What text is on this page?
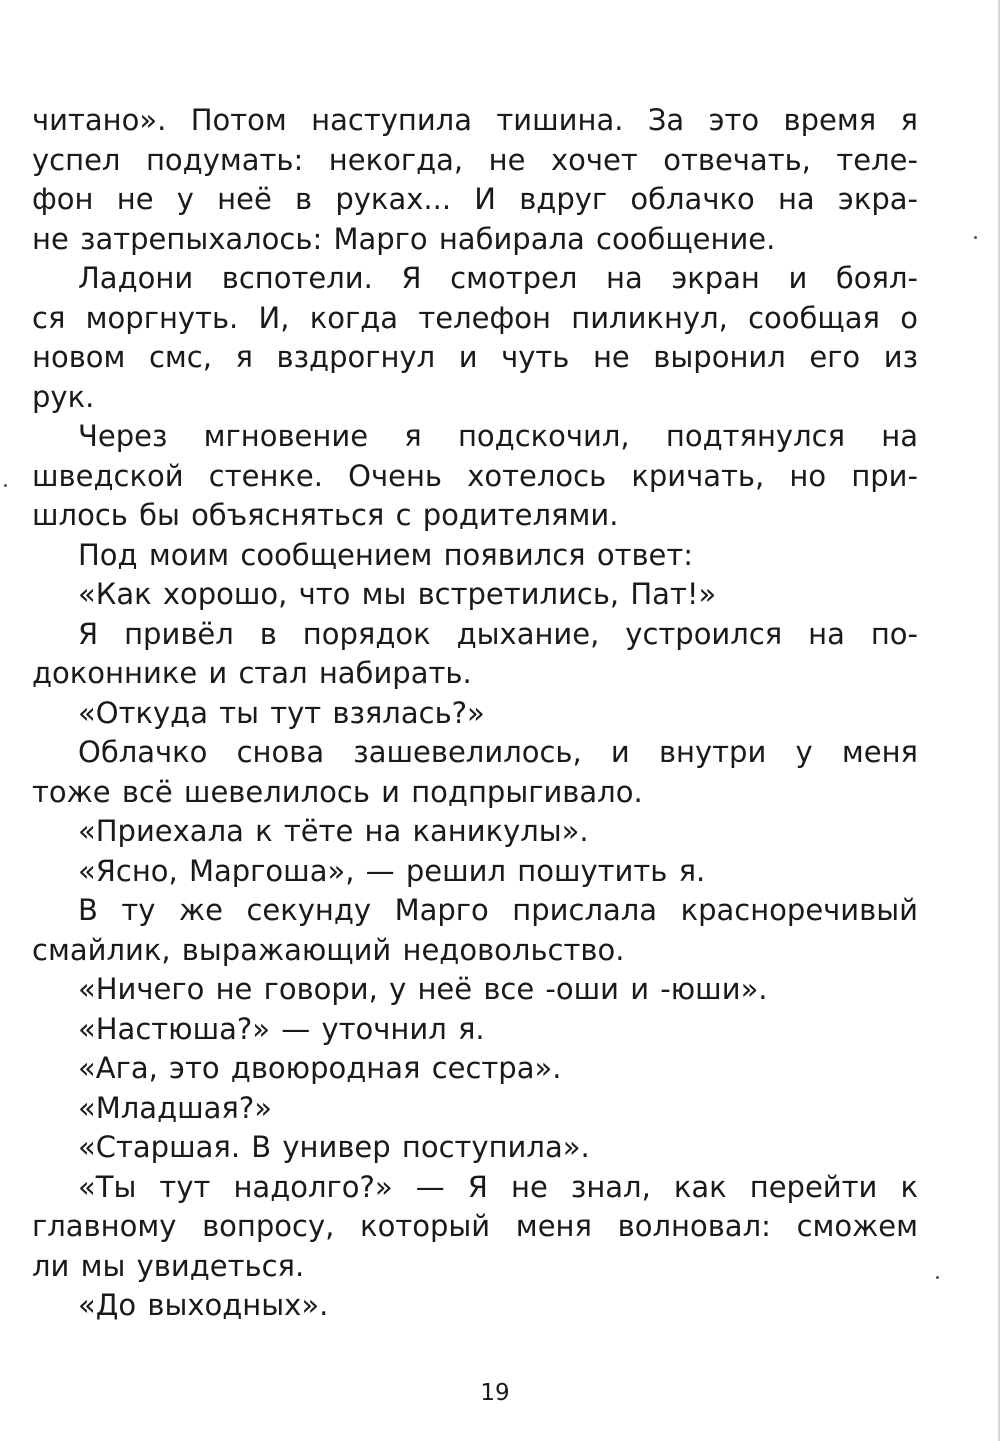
читано». Потом наступила тишина. За это время я
успел подумать: некогда, не хочет отвечать, теле-
фон не у неё в руках... И вдруг облачко на экра-
не затрепыхалось: Марго набирала сообщение.
Ладони вспотели. Я смотрел на экран и боял-
ся моргнуть. И, когда телефон пиликнул, сообщая о
новом смс, я вздрогнул и чуть не выронил его из
рук.
Через мгновение я подскочил, подтянулся на
шведской стенке. Очень хотелось кричать, но при-
шлось бы объясняться с родителями.
Под моим сообщением появился ответ:
«Как хорошо, что мы встретились, Пат!»
Я привёл в порядок дыхание, устроился на по-
доконнике и стал набирать.
«Откуда ты тут взялась?»
Облачко снова зашевелилось, и внутри у меня
тоже всё шевелилось и подпрыгивало.
«Приехала к тёте на каникулы».
«Ясно, Маргоша», — решил пошутить я.
В ту же секунду Марго прислала красноречивый
смайлик, выражающий недовольство.
«Ничего не говори, у неё все -оши и -юши».
«Настюша?» — уточнил я.
«Ага, это двоюродная сестра».
«Младшая?»
«Старшая. В универ поступила».
«Ты тут надолго?» — Я не знал, как перейти к
главному вопросу, который меня волновал: сможем
ли мы увидеться.
«До выходных».
19
